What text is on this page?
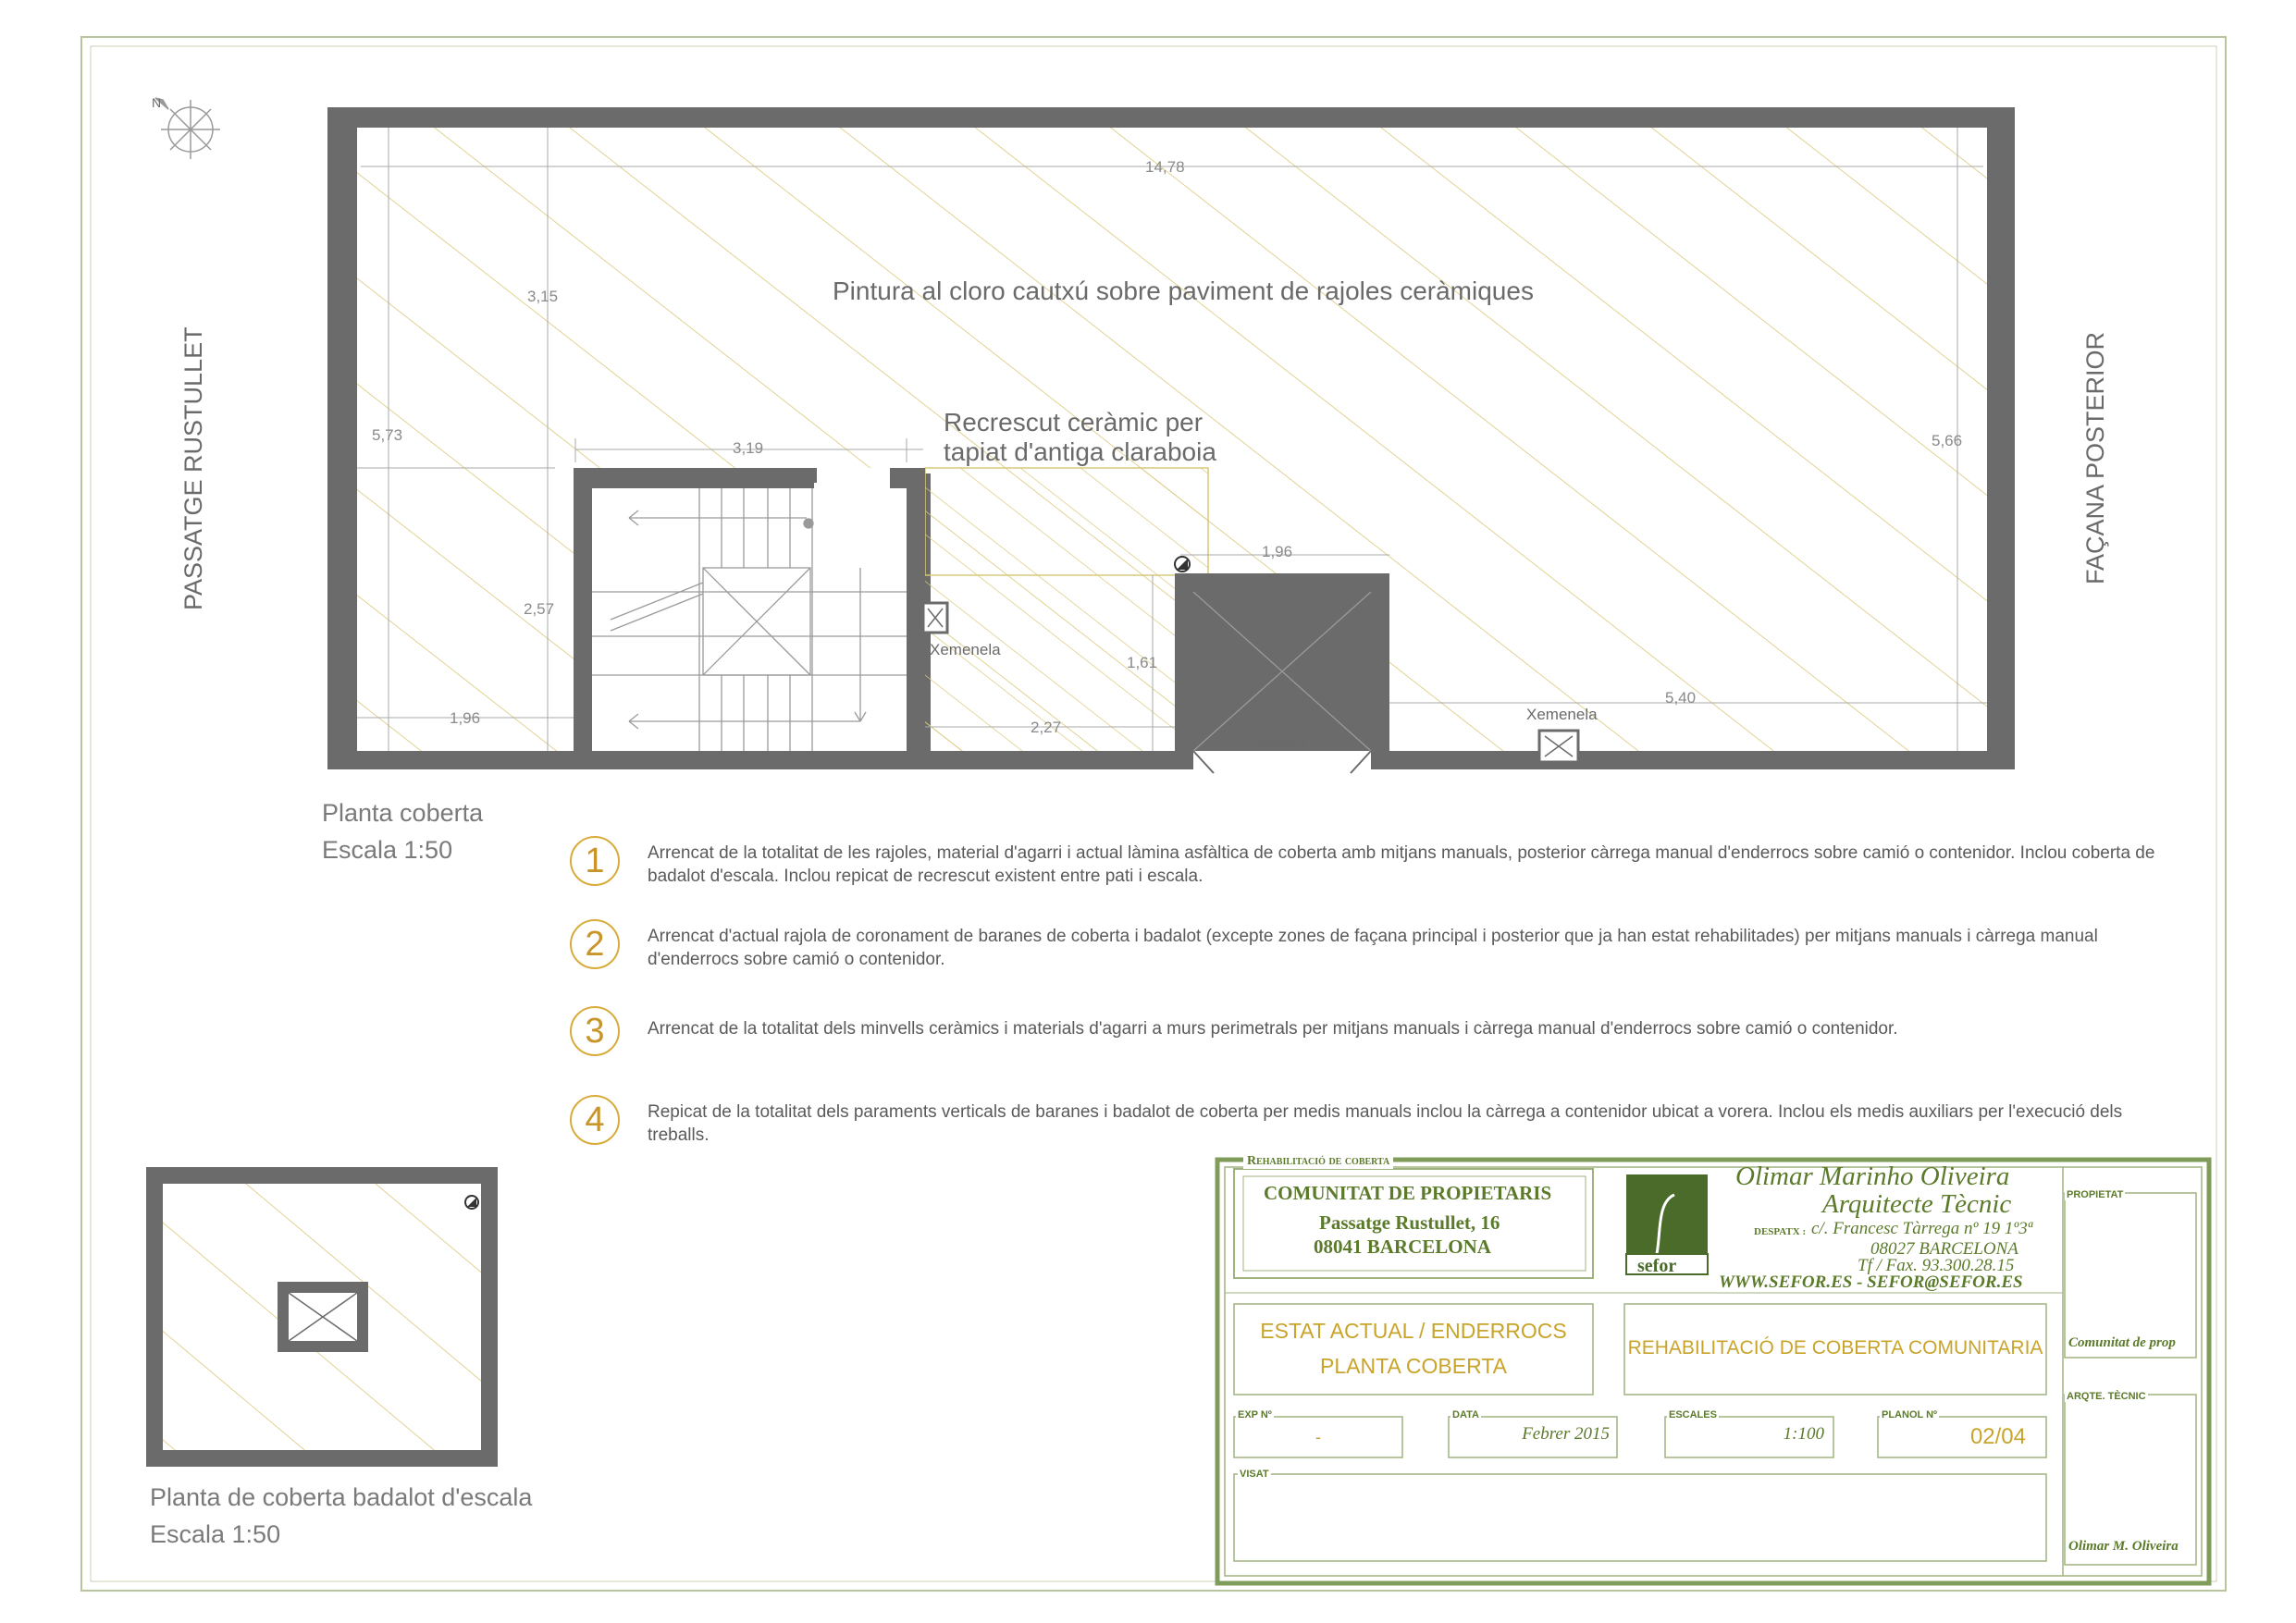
N
14,78
5,73	5,66
3,15
3,19
2,57
1,96
2,27
1,96
1,61
5,40
Pintura al cloro cautxú sobre paviment de rajoles ceràmiques
Recrescut ceràmic per
tapiat d'antiga claraboia
Xemenela
Celobert
Xemenela
PASSATGE RUSTULLET	FAÇANA POSTERIOR
sefor
Planta coberta
Escala 1:50
Planta de coberta badalot d'escala
Escala 1:50
1	Arrencat de la totalitat de les rajoles, material d'agarri i actual làmina asfàltica de coberta amb mitjans manuals, posterior càrrega manual d'enderrocs sobre camió o contenidor. Inclou coberta de badalot d'escala. Inclou repicat de recrescut existent entre pati i escala.
2	Arrencat d'actual rajola de coronament de baranes de coberta i badalot (excepte zones de façana principal i posterior que ja han estat rehabilitades) per mitjans manuals i càrrega manual d'enderrocs sobre camió o contenidor.
3	Arrencat de la totalitat dels minvells ceràmics i materials d'agarri a murs perimetrals per mitjans manuals i càrrega manual d'enderrocs sobre camió o contenidor.
4	Repicat de la totalitat dels paraments verticals de baranes i badalot de coberta per medis manuals inclou la càrrega a contenidor ubicat a vorera. Inclou els medis auxiliars per l'execució dels treballs.
Rehabilitació de coberta
COMUNITAT DE PROPIETARIS
Passatge Rustullet, 16
08041 BARCELONA
Olimar Marinho Oliveira
Arquitecte Tècnic
DESPATX : c/. Francesc Tàrrega nº 19 1º3ª
08027 BARCELONA
Tf / Fax. 93.300.28.15
WWW.SEFOR.ES - SEFOR@SEFOR.ES
ESTAT ACTUAL / ENDERROCS
PLANTA COBERTA
REHABILITACIÓ DE COBERTA COMUNITARIA
EXP Nº
-
DATA
Febrer 2015
ESCALES
1:100
PLANOL Nº
02/04
VISAT
PROPIETAT
Comunitat de prop
ARQTE. TÈCNIC
Olimar M. Oliveira
